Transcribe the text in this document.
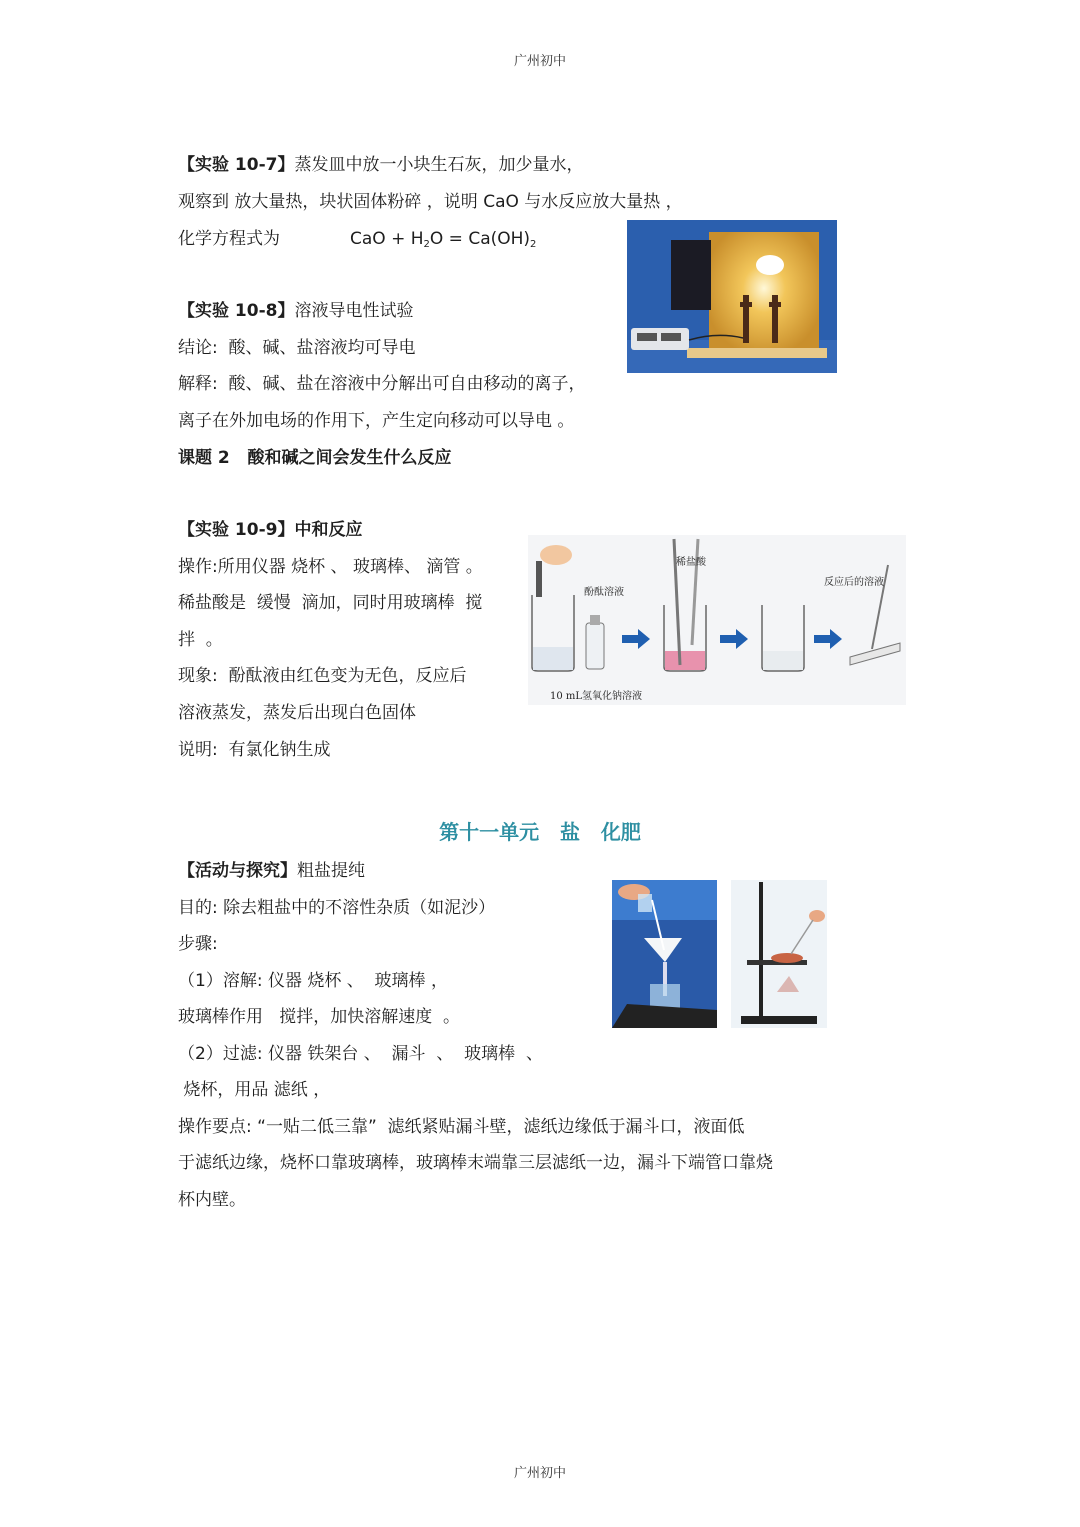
广州初中
【实验 10-7】蒸发皿中放一小块生石灰，加少量水，
观察到 放大量热，块状固体粉碎 ，说明 CaO 与水反应放大量热 ，
化学方程式为	CaO + $H_2O = Ca(OH)_2$
【实验 10-8】溶液导电性试验
结论:  酸、碱、盐溶液均可导电
解释:  酸、碱、盐在溶液中分解出可自由移动的离子，
离子在外加电场的作用下，产生定向移动可以导电 。
课题 2   酸和碱之间会发生什么反应
【实验 10-9】中和反应
操作:所用仪器 烧杯 、 玻璃棒、 滴管 。
稀盐酸是  缓慢  滴加，同时用玻璃棒  搅
拌  。
现象:  酚酞液由红色变为无色，反应后
溶液蒸发，蒸发后出现白色固体
说明:  有氯化钠生成
酚酞溶液
稀盐酸
反应后的溶液
10 mL氢氧化钠溶液
第十一单元   盐   化肥
【活动与探究】粗盐提纯
目的: 除去粗盐中的不溶性杂质（如泥沙）
步骤:
（1）溶解: 仪器 烧杯 、  玻璃棒 ，
玻璃棒作用   搅拌，加快溶解速度  。
（2）过滤: 仪器 铁架台 、  漏斗  、  玻璃棒  、
烧杯，用品 滤纸 ，
操作要点: “一贴二低三靠”  滤纸紧贴漏斗壁，滤纸边缘低于漏斗口，液面低
于滤纸边缘，烧杯口靠玻璃棒，玻璃棒末端靠三层滤纸一边，漏斗下端管口靠烧
杯内壁。
广州初中
